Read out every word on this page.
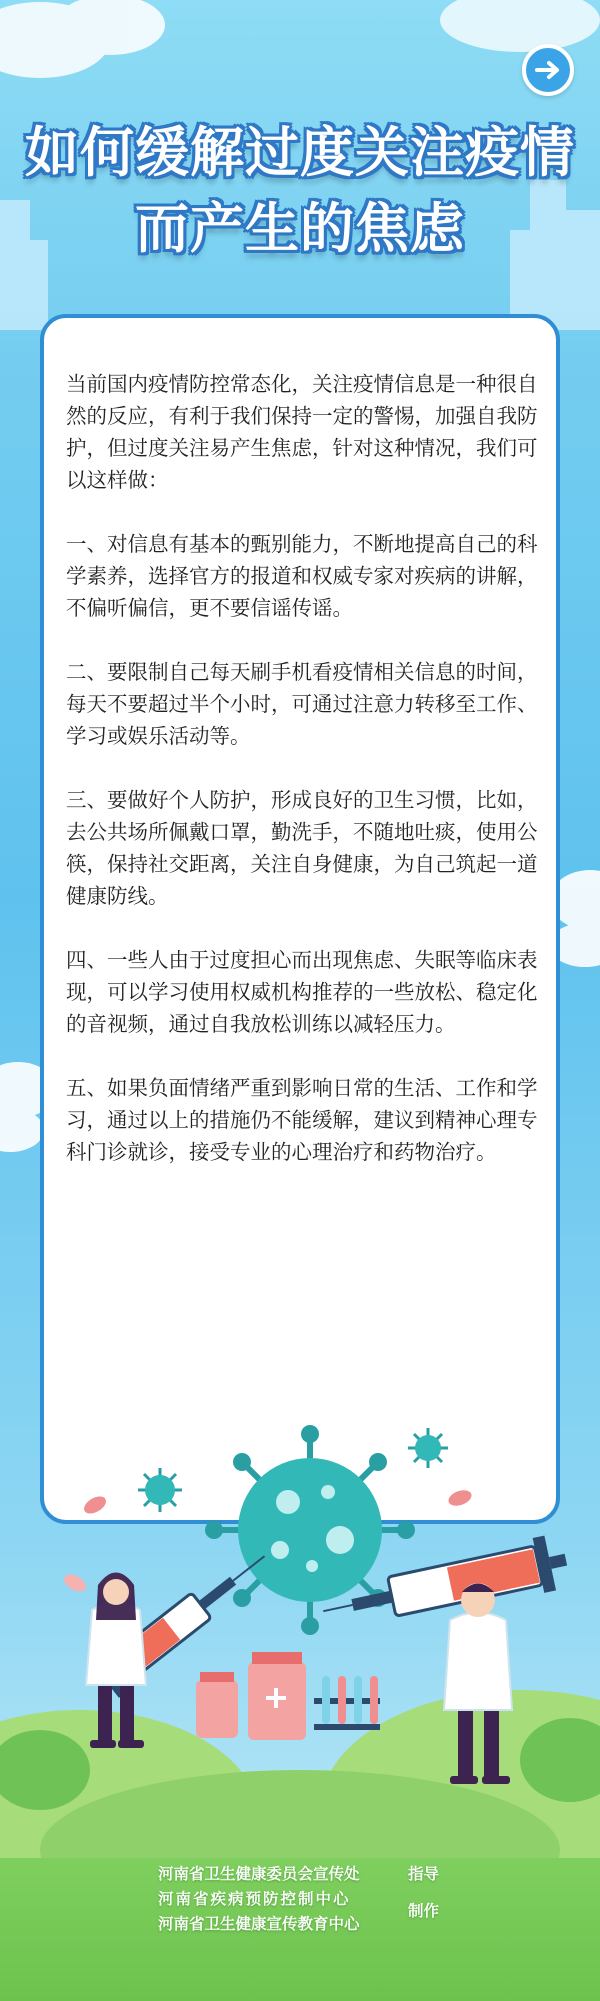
如何缓解过度关注疫情
而产生的焦虑

当前国内疫情防控常态化，关注疫情信息是一种很自然的反应，有利于我们保持一定的警惕，加强自我防护，但过度关注易产生焦虑，针对这种情况，我们可以这样做：

一、对信息有基本的甄别能力，不断地提高自己的科学素养，选择官方的报道和权威专家对疾病的讲解，不偏听偏信，更不要信谣传谣。

二、要限制自己每天刷手机看疫情相关信息的时间，每天不要超过半个小时，可通过注意力转移至工作、学习或娱乐活动等。

三、要做好个人防护，形成良好的卫生习惯，比如，去公共场所佩戴口罩，勤洗手，不随地吐痰，使用公筷，保持社交距离，关注自身健康，为自己筑起一道健康防线。

四、一些人由于过度担心而出现焦虑、失眠等临床表现，可以学习使用权威机构推荐的一些放松、稳定化的音视频，通过自我放松训练以减轻压力。

五、如果负面情绪严重到影响日常的生活、工作和学习，通过以上的措施仍不能缓解，建议到精神心理专科门诊就诊，接受专业的心理治疗和药物治疗。

河南省卫生健康委员会宣传处
河南省疾病预防控制中心
河南省卫生健康宣传教育中心
指导
制作
